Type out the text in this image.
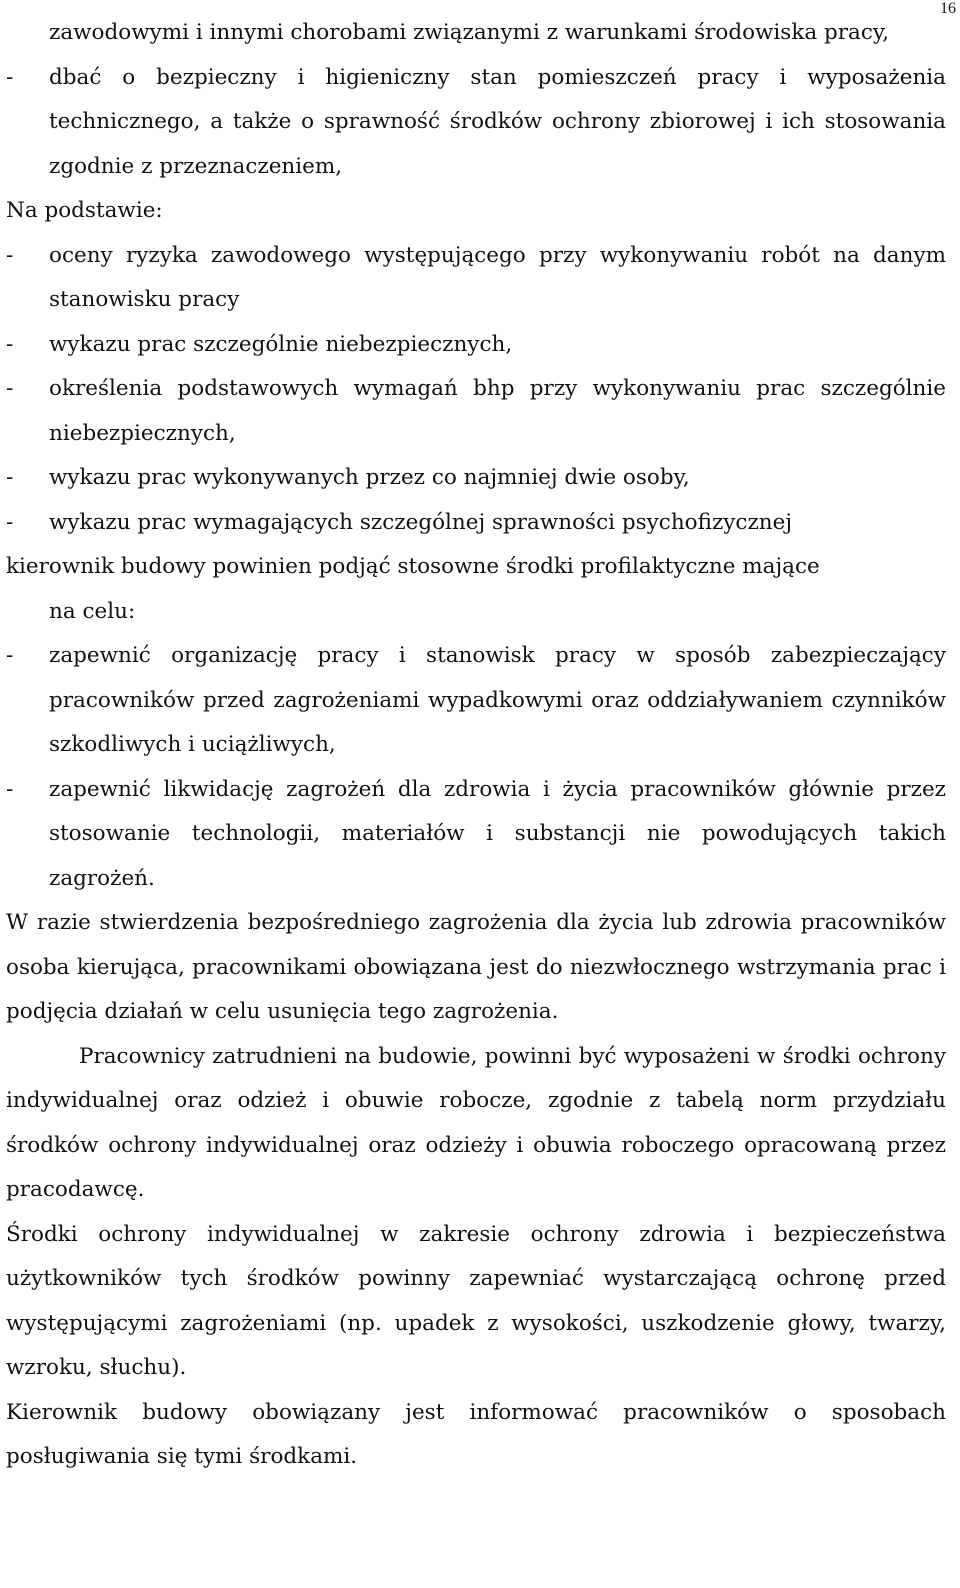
16

zawodowymi i innymi chorobami związanymi z warunkami środowiska pracy,

- dbać o bezpieczny i higieniczny stan pomieszczeń pracy i wyposażenia technicznego, a także o sprawność środków ochrony zbiorowej i ich stosowania zgodnie z przeznaczeniem,

Na podstawie:

- oceny ryzyka zawodowego występującego przy wykonywaniu robót na danym stanowisku pracy
- wykazu prac szczególnie niebezpiecznych,
- określenia podstawowych wymagań bhp przy wykonywaniu prac szczególnie niebezpiecznych,
- wykazu prac wykonywanych przez co najmniej dwie osoby,
- wykazu prac wymagających szczególnej sprawności psychofizycznej

kierownik budowy powinien podjąć stosowne środki profilaktyczne mające

na celu:

- zapewnić organizację pracy i stanowisk pracy w sposób zabezpieczający pracowników przed zagrożeniami wypadkowymi oraz oddziaływaniem czynników szkodliwych i uciążliwych,
- zapewnić likwidację zagrożeń dla zdrowia i życia pracowników głównie przez stosowanie technologii, materiałów i substancji nie powodujących takich zagrożeń.

W razie stwierdzenia bezpośredniego zagrożenia dla życia lub zdrowia pracowników osoba kierująca, pracownikami obowiązana jest do niezwłocznego wstrzymania prac i podjęcia działań w celu usunięcia tego zagrożenia.

Pracownicy zatrudnieni na budowie, powinni być wyposażeni w środki ochrony indywidualnej oraz odzież i obuwie robocze, zgodnie z tabelą norm przydziału środków ochrony indywidualnej oraz odzieży i obuwia roboczego opracowaną przez pracodawcę.

Środki ochrony indywidualnej w zakresie ochrony zdrowia i bezpieczeństwa użytkowników tych środków powinny zapewniać wystarczającą ochronę przed występującymi zagrożeniami (np. upadek z wysokości, uszkodzenie głowy, twarzy, wzroku, słuchu).

Kierownik budowy obowiązany jest informować pracowników o sposobach posługiwania się tymi środkami.
